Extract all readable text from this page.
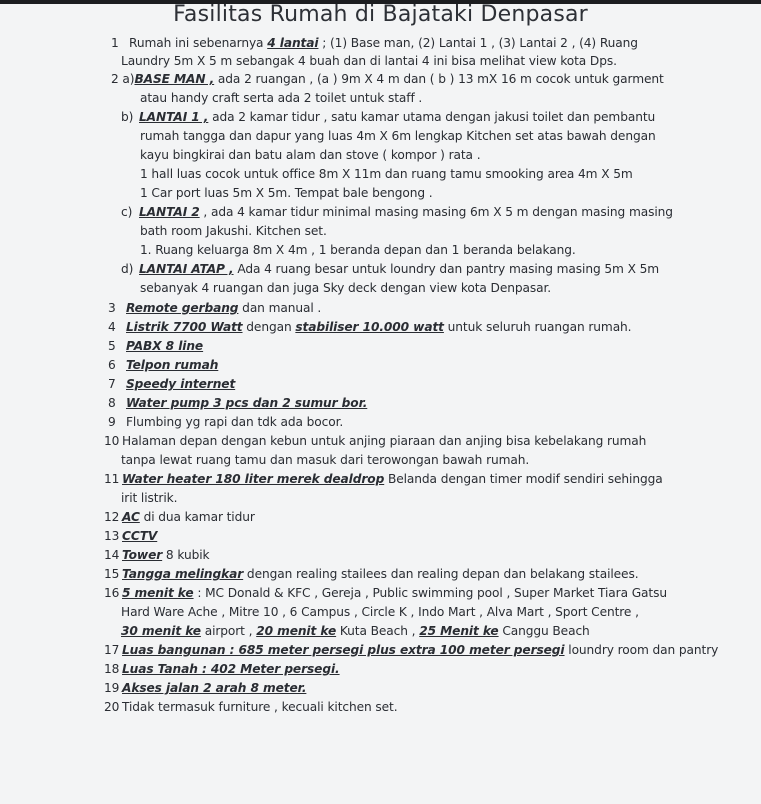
Fasilitas Rumah di Bajataki Denpasar
1Rumah ini sebenarnya 4 lantai ; (1) Base man, (2) Lantai 1 , (3) Lantai 2 , (4) Ruang
Laundry 5m X 5 m sebangak 4 buah dan di lantai 4 ini bisa melihat view kota Dps.
2 a)BASE MAN , ada 2 ruangan , (a ) 9m X 4 m dan ( b ) 13 mX 16 m cocok untuk garment
atau handy craft serta ada 2 toilet untuk staff .
b)LANTAI 1 , ada 2 kamar tidur , satu kamar utama dengan jakusi toilet dan pembantu
rumah tangga dan dapur yang luas 4m X 6m lengkap Kitchen set atas bawah dengan
kayu bingkirai dan batu alam dan stove ( kompor ) rata .
1 hall luas cocok untuk office 8m X 11m dan ruang tamu smooking area 4m X 5m
1 Car port luas 5m X 5m. Tempat bale bengong .
c)LANTAI 2 , ada 4 kamar tidur minimal masing masing 6m X 5 m dengan masing masing
bath room Jakushi. Kitchen set.
1. Ruang keluarga 8m X 4m , 1 beranda depan dan 1 beranda belakang.
d)LANTAI ATAP , Ada 4 ruang besar untuk loundry dan pantry masing masing 5m X 5m
sebanyak 4 ruangan dan juga Sky deck dengan view kota Denpasar.
3Remote gerbang dan manual .
4Listrik 7700 Watt dengan stabiliser 10.000 watt untuk seluruh ruangan rumah.
5PABX 8 line
6Telpon rumah
7Speedy internet
8Water pump 3 pcs dan 2 sumur bor.
9Flumbing yg rapi dan tdk ada bocor.
10Halaman depan dengan kebun untuk anjing piaraan dan anjing bisa kebelakang rumah
tanpa lewat ruang tamu dan masuk dari terowongan bawah rumah.
11Water heater 180 liter merek dealdrop Belanda dengan timer modif sendiri sehingga
irit listrik.
12AC di dua kamar tidur
13CCTV
14Tower 8 kubik
15Tangga melingkar dengan realing stailees dan realing depan dan belakang stailees.
165 menit ke : MC Donald & KFC , Gereja , Public swimming pool , Super Market Tiara Gatsu
Hard Ware Ache , Mitre 10 , 6 Campus , Circle K , Indo Mart , Alva Mart , Sport Centre ,
30 menit ke airport , 20 menit ke Kuta Beach , 25 Menit ke Canggu Beach
17Luas bangunan : 685 meter persegi plus extra 100 meter persegi loundry room dan pantry
18Luas Tanah : 402 Meter persegi.
19Akses jalan 2 arah 8 meter.
20Tidak termasuk furniture , kecuali kitchen set.
